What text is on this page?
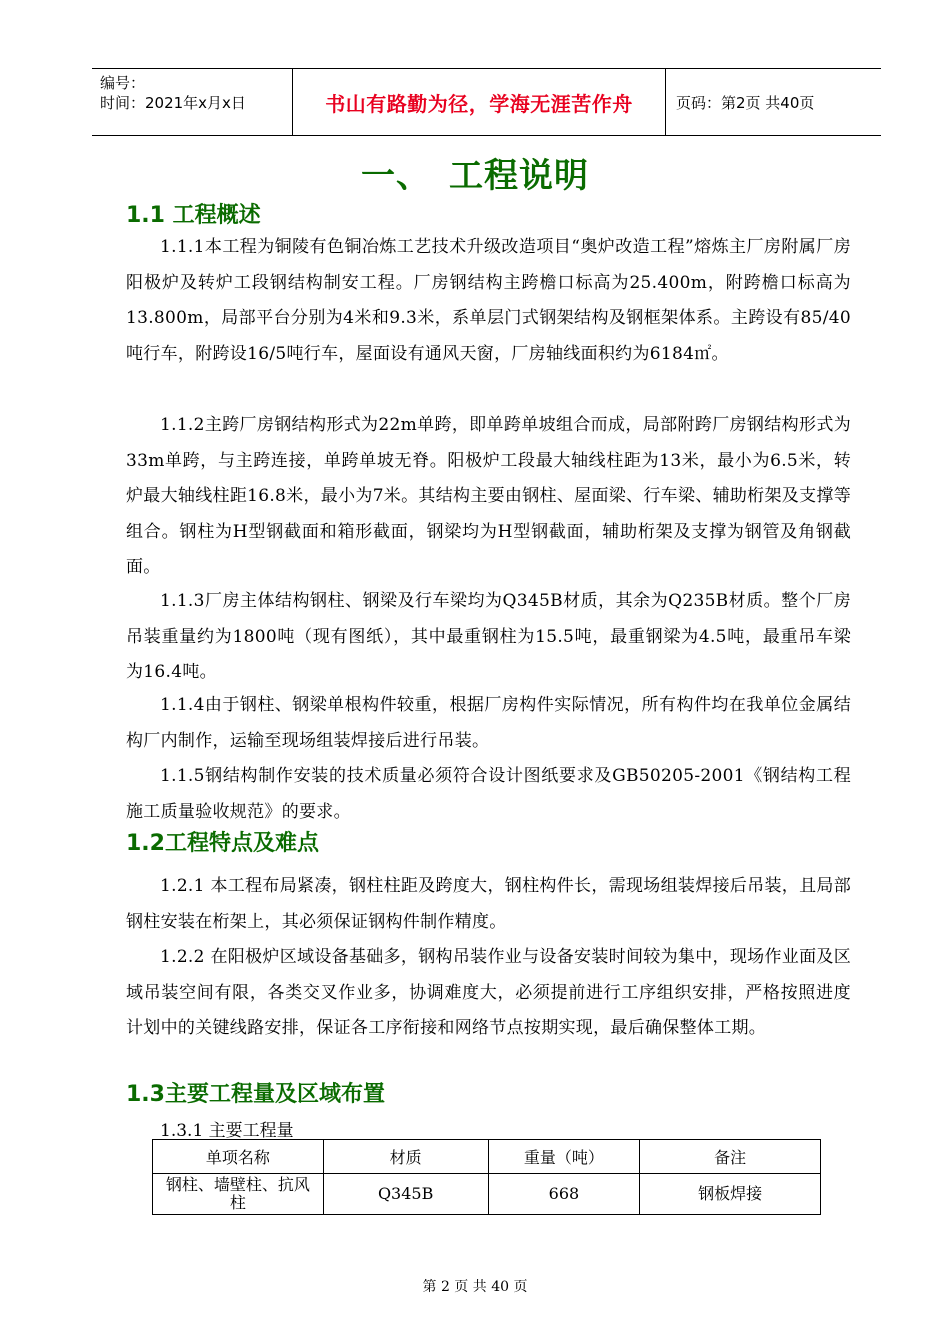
编号：
时间：2021年x月x日	书山有路勤为径，学海无涯苦作舟	页码：第2页 共40页
一、　工程说明
1.1 工程概述

1.1.1本工程为铜陵有色铜冶炼工艺技术升级改造项目“奥炉改造工程”熔炼主厂房附属厂房阳极炉及转炉工段钢结构制安工程。厂房钢结构主跨檐口标高为25.400m，附跨檐口标高为13.800m，局部平台分别为4米和9.3米，系单层门式钢架结构及钢框架体系。主跨设有85/40吨行车，附跨设16/5吨行车，屋面设有通风天窗，厂房轴线面积约为6184㎡。

1.1.2主跨厂房钢结构形式为22m单跨，即单跨单坡组合而成，局部附跨厂房钢结构形式为33m单跨，与主跨连接，单跨单坡无脊。阳极炉工段最大轴线柱距为13米，最小为6.5米，转炉最大轴线柱距16.8米，最小为7米。其结构主要由钢柱、屋面梁、行车梁、辅助桁架及支撑等组合。钢柱为H型钢截面和箱形截面，钢梁均为H型钢截面，辅助桁架及支撑为钢管及角钢截面。

1.1.3厂房主体结构钢柱、钢梁及行车梁均为Q345B材质，其余为Q235B材质。整个厂房吊装重量约为1800吨（现有图纸），其中最重钢柱为15.5吨，最重钢梁为4.5吨，最重吊车梁为16.4吨。

1.1.4由于钢柱、钢梁单根构件较重，根据厂房构件实际情况，所有构件均在我单位金属结构厂内制作，运输至现场组装焊接后进行吊装。

1.1.5钢结构制作安装的技术质量必须符合设计图纸要求及GB50205-2001《钢结构工程施工质量验收规范》的要求。

1.2工程特点及难点

1.2.1 本工程布局紧凑，钢柱柱距及跨度大，钢柱构件长，需现场组装焊接后吊装，且局部钢柱安装在桁架上，其必须保证钢构件制作精度。

1.2.2 在阳极炉区域设备基础多，钢构吊装作业与设备安装时间较为集中，现场作业面及区域吊装空间有限，各类交叉作业多，协调难度大，必须提前进行工序组织安排，严格按照进度计划中的关键线路安排，保证各工序衔接和网络节点按期实现，最后确保整体工期。

1.3主要工程量及区域布置
1.3.1 主要工程量
单项名称	材质	重量（吨）	备注
钢柱、墙壁柱、抗风柱	Q345B	668	钢板焊接
第 2 页 共 40 页
